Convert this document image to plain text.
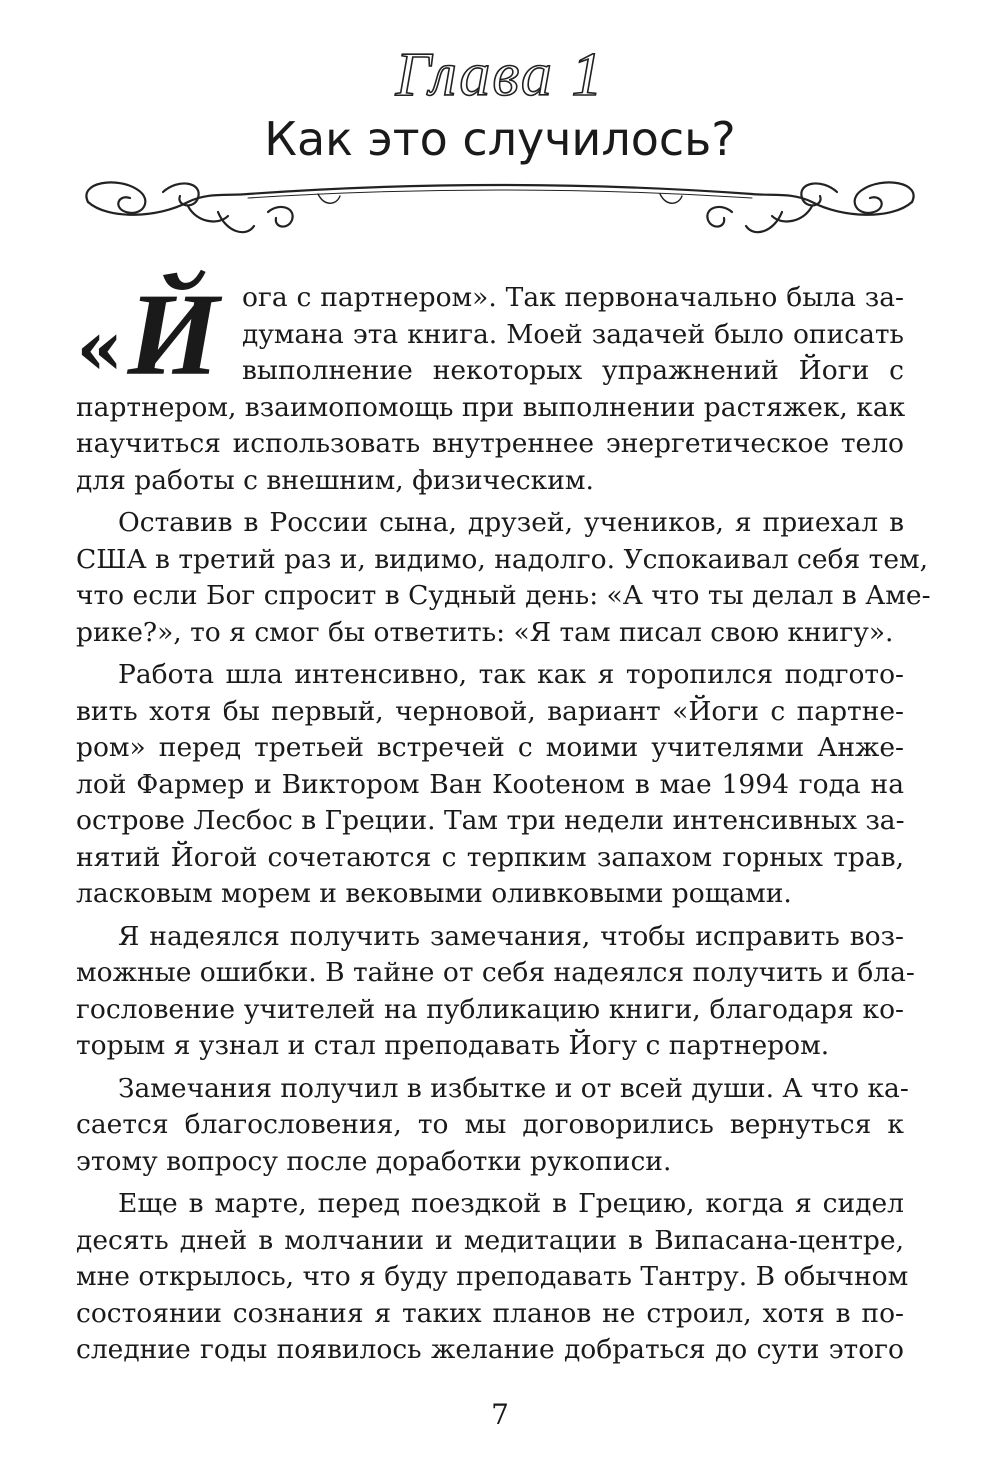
Глава 1
Как это случилось?
« Й ога с партнером». Так первоначально была за-
думана эта книга. Моей задачей было описать
выполнение некоторых упражнений Йоги с
партнером, взаимопомощь при выполнении растяжек, как
научиться использовать внутреннее энергетическое тело
для работы с внешним, физическим.
Оставив в России сына, друзей, учеников, я приехал в
США в третий раз и, видимо, надолго. Успокаивал себя тем,
что если Бог спросит в Судный день: «А что ты делал в Аме-
рике?», то я смог бы ответить: «Я там писал свою книгу».
Работа шла интенсивно, так как я торопился подгото-
вить хотя бы первый, черновой, вариант «Йоги с партне-
ром» перед третьей встречей с моими учителями Анже-
лой Фармер и Виктором Ван Кootеном в мае 1994 года на
острове Лесбос в Греции. Там три недели интенсивных за-
нятий Йогой сочетаются с терпким запахом горных трав,
ласковым морем и вековыми оливковыми рощами.
Я надеялся получить замечания, чтобы исправить воз-
можные ошибки. В тайне от себя надеялся получить и бла-
гословение учителей на публикацию книги, благодаря ко-
торым я узнал и стал преподавать Йогу с партнером.
Замечания получил в избытке и от всей души. А что ка-
сается благословения, то мы договорились вернуться к
этому вопросу после доработки рукописи.
Еще в марте, перед поездкой в Грецию, когда я сидел
десять дней в молчании и медитации в Випасана-центре,
мне открылось, что я буду преподавать Тантру. В обычном
состоянии сознания я таких планов не строил, хотя в по-
следние годы появилось желание добраться до сути этого
7
